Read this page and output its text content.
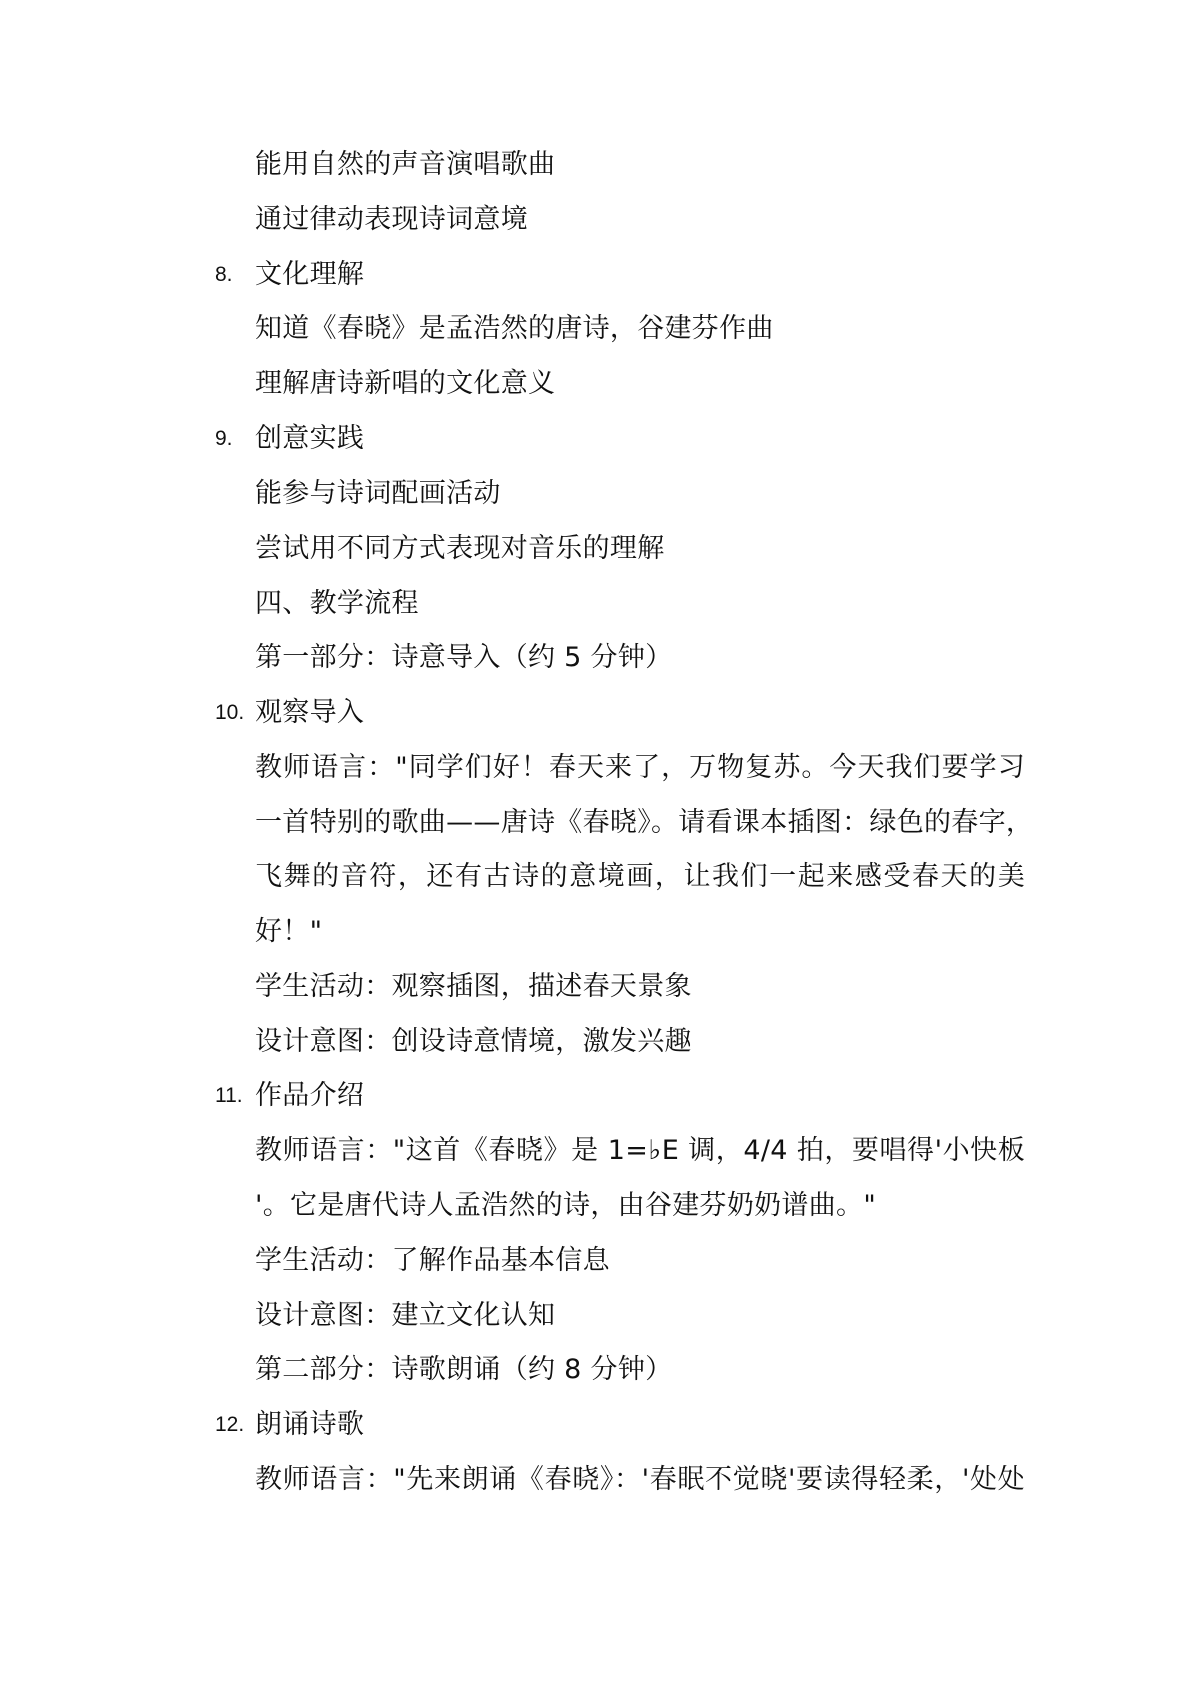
能用自然的声音演唱歌曲
通过律动表现诗词意境
8. 文化理解
知道《春晓》是孟浩然的唐诗，谷建芬作曲
理解唐诗新唱的文化意义
9. 创意实践
能参与诗词配画活动
尝试用不同方式表现对音乐的理解
四、教学流程
第一部分：诗意导入（约 5 分钟）
10. 观察导入
教师语言："同学们好！春天来了，万物复苏。今天我们要学习
一首特别的歌曲——唐诗《春晓》。请看课本插图：绿色的春字，
飞舞的音符，还有古诗的意境画，让我们一起来感受春天的美
好！"
学生活动：观察插图，描述春天景象
设计意图：创设诗意情境，激发兴趣
11. 作品介绍
教师语言："这首《春晓》是 1=♭E 调，4/4 拍，要唱得'小快板
'。它是唐代诗人孟浩然的诗，由谷建芬奶奶谱曲。"
学生活动：了解作品基本信息
设计意图：建立文化认知
第二部分：诗歌朗诵（约 8 分钟）
12. 朗诵诗歌
教师语言："先来朗诵《春晓》：'春眠不觉晓'要读得轻柔，'处处
